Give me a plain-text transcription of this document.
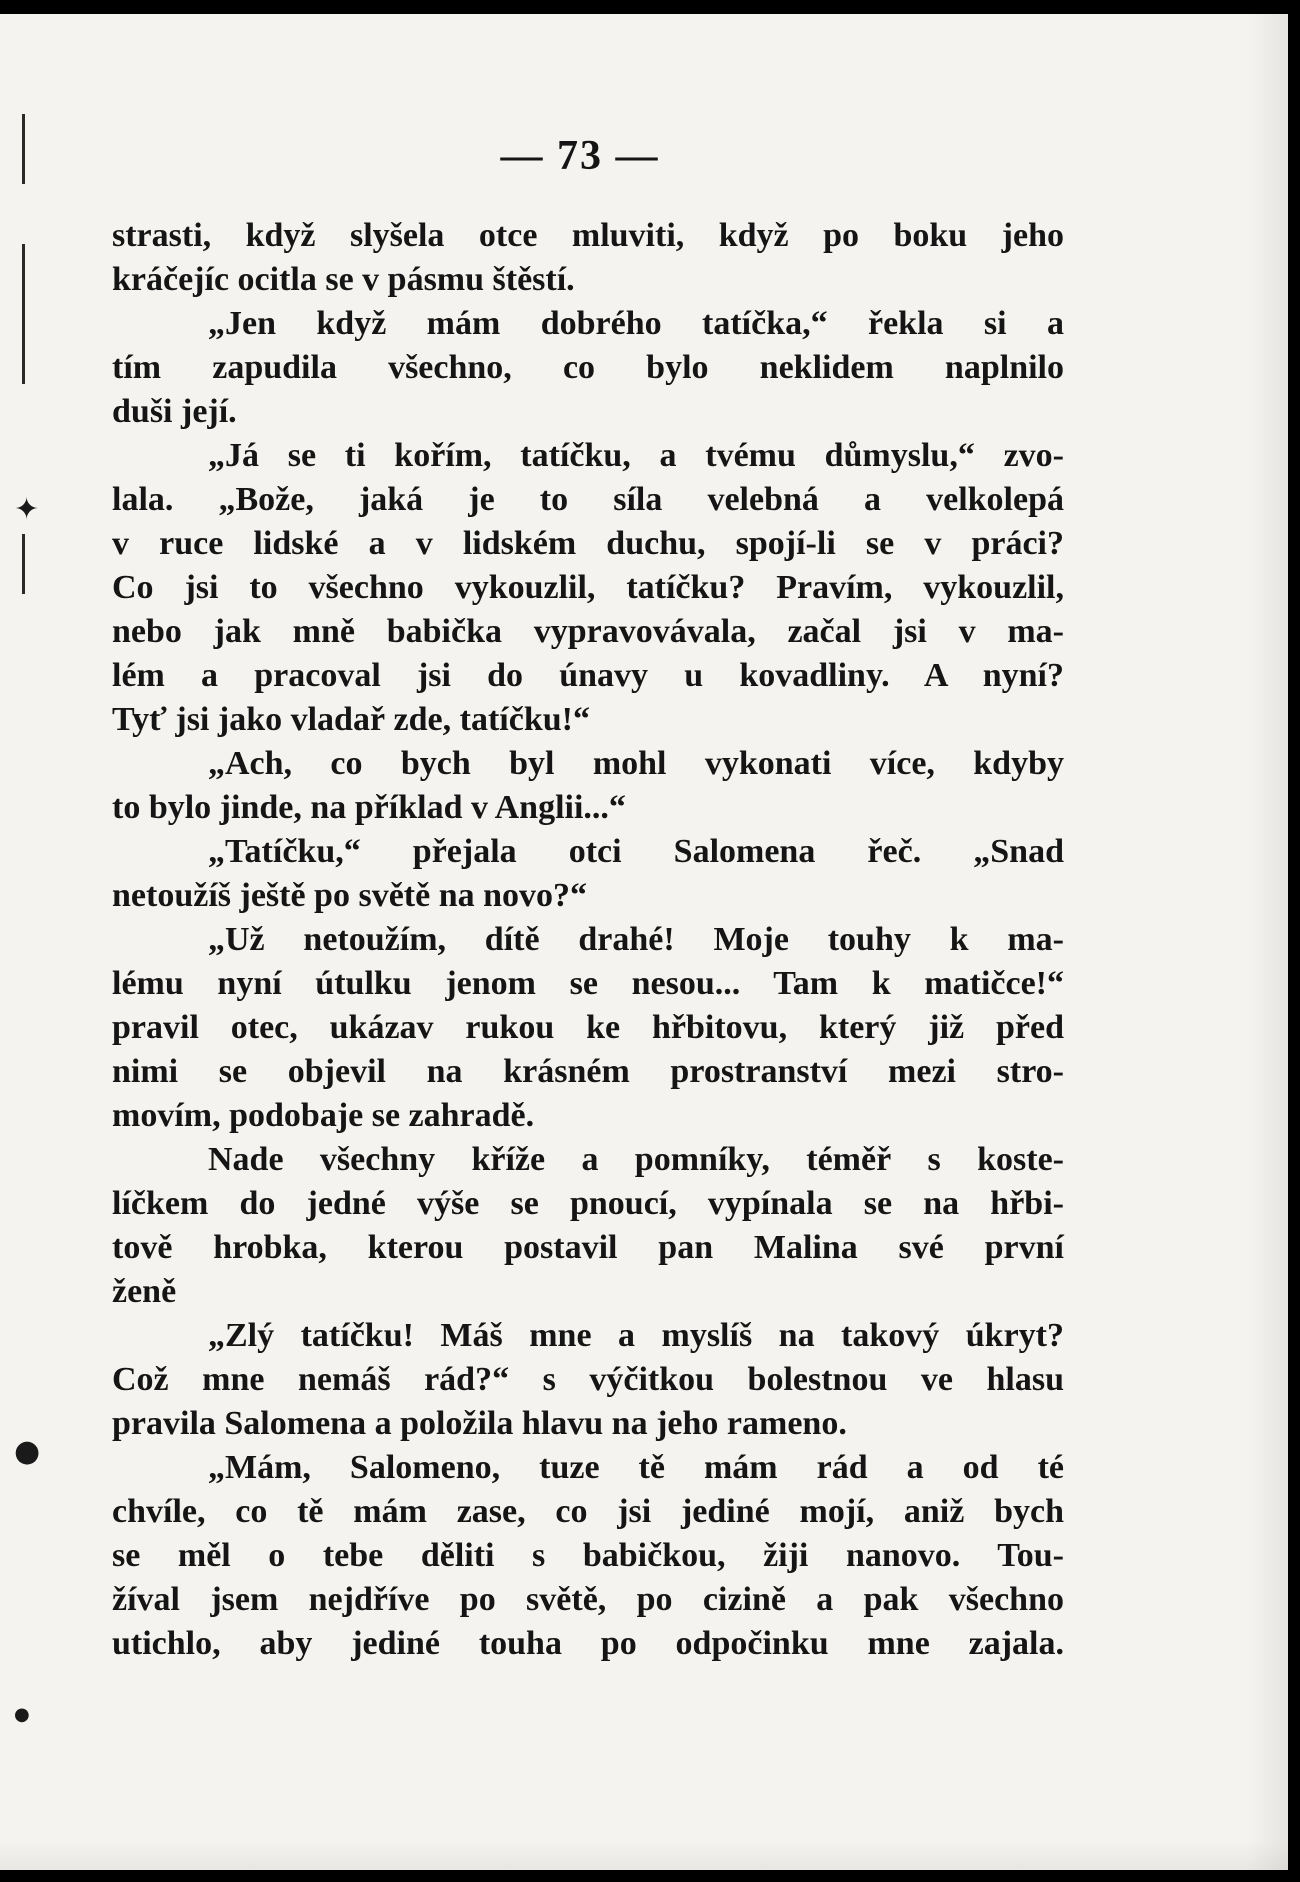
✦
●
●
— 73 —
strasti, když slyšela otce mluviti, když po boku jeho
kráčejíc ocitla se v pásmu štěstí.
„Jen když mám dobrého tatíčka,“ řekla si a
tím zapudila všechno, co bylo neklidem naplnilo
duši její.
„Já se ti kořím, tatíčku, a tvému důmyslu,“ zvo-
lala. „Bože, jaká je to síla velebná a velkolepá
v ruce lidské a v lidském duchu, spojí-li se v práci?
Co jsi to všechno vykouzlil, tatíčku? Pravím, vykouzlil,
nebo jak mně babička vypravovávala, začal jsi v ma-
lém a pracoval jsi do únavy u kovadliny. A nyní?
Tyť jsi jako vladař zde, tatíčku!“
„Ach, co bych byl mohl vykonati více, kdyby
to bylo jinde, na příklad v Anglii...“
„Tatíčku,“ přejala otci Salomena řeč. „Snad
netoužíš ještě po světě na novo?“
„Už netoužím, dítě drahé! Moje touhy k ma-
lému nyní útulku jenom se nesou... Tam k matičce!“
pravil otec, ukázav rukou ke hřbitovu, který již před
nimi se objevil na krásném prostranství mezi stro-
movím, podobaje se zahradě.
Nade všechny kříže a pomníky, téměř s koste-
líčkem do jedné výše se pnoucí, vypínala se na hřbi-
tově hrobka, kterou postavil pan Malina své první
ženě
„Zlý tatíčku! Máš mne a myslíš na takový úkryt?
Což mne nemáš rád?“ s výčitkou bolestnou ve hlasu
pravila Salomena a položila hlavu na jeho rameno.
„Mám, Salomeno, tuze tě mám rád a od té
chvíle, co tě mám zase, co jsi jediné mojí, aniž bych
se měl o tebe děliti s babičkou, žiji nanovo. Tou-
žíval jsem nejdříve po světě, po cizině a pak všechno
utichlo, aby jediné touha po odpočinku mne zajala.
